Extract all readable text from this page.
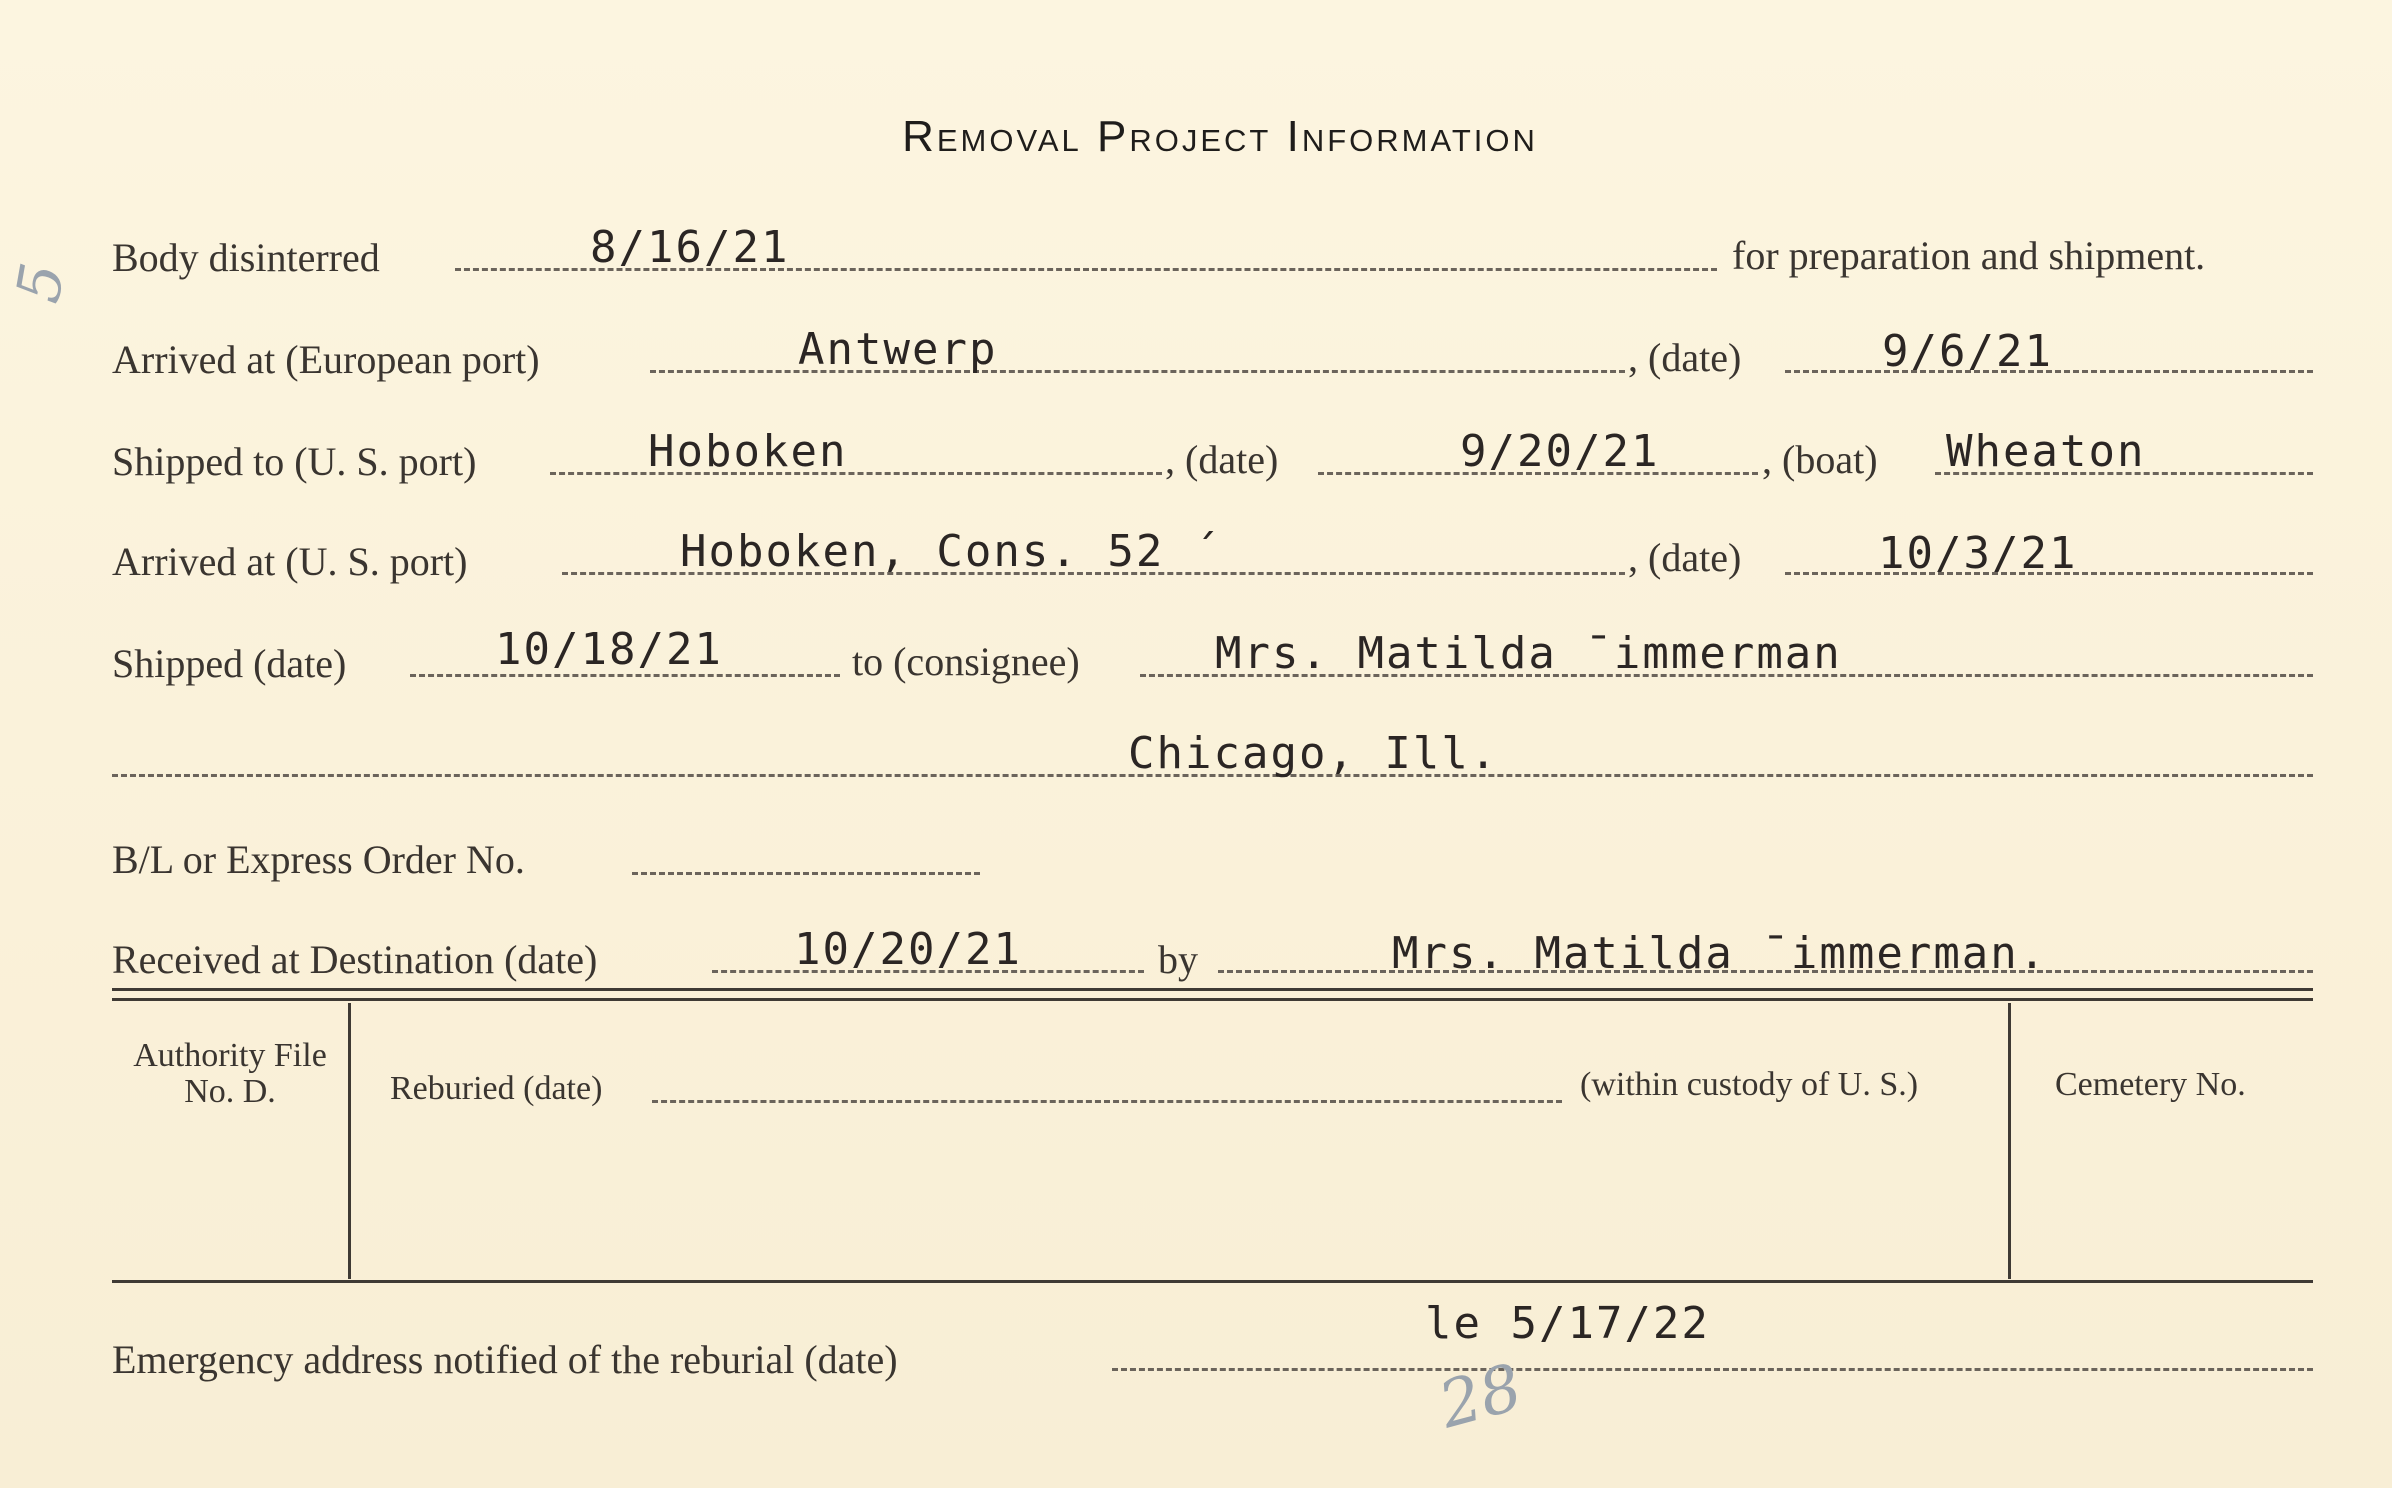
5
Removal Project Information
Body disinterred	8/16/21	for preparation and shipment.
Arrived at (European port)	Antwerp	, (date)	9/6/21
Shipped to (U. S. port)	Hoboken	, (date)	9/20/21	, (boat) Wheaton
Arrived at (U. S. port)	Hoboken, Cons. 52 ´	, (date)	10/3/21
Shipped (date)	10/18/21	to (consignee)	Mrs. Matilda ˉimmerman
Chicago, Ill.
B/L or Express Order No.
Received at Destination (date)	10/20/21	by	Mrs. Matilda ˉimmerman.
Authority File No. D.	Reburied (date)	(within custody of U. S.)	Cemetery No.
Emergency address notified of the reburial (date)
le 5/17/22
28
